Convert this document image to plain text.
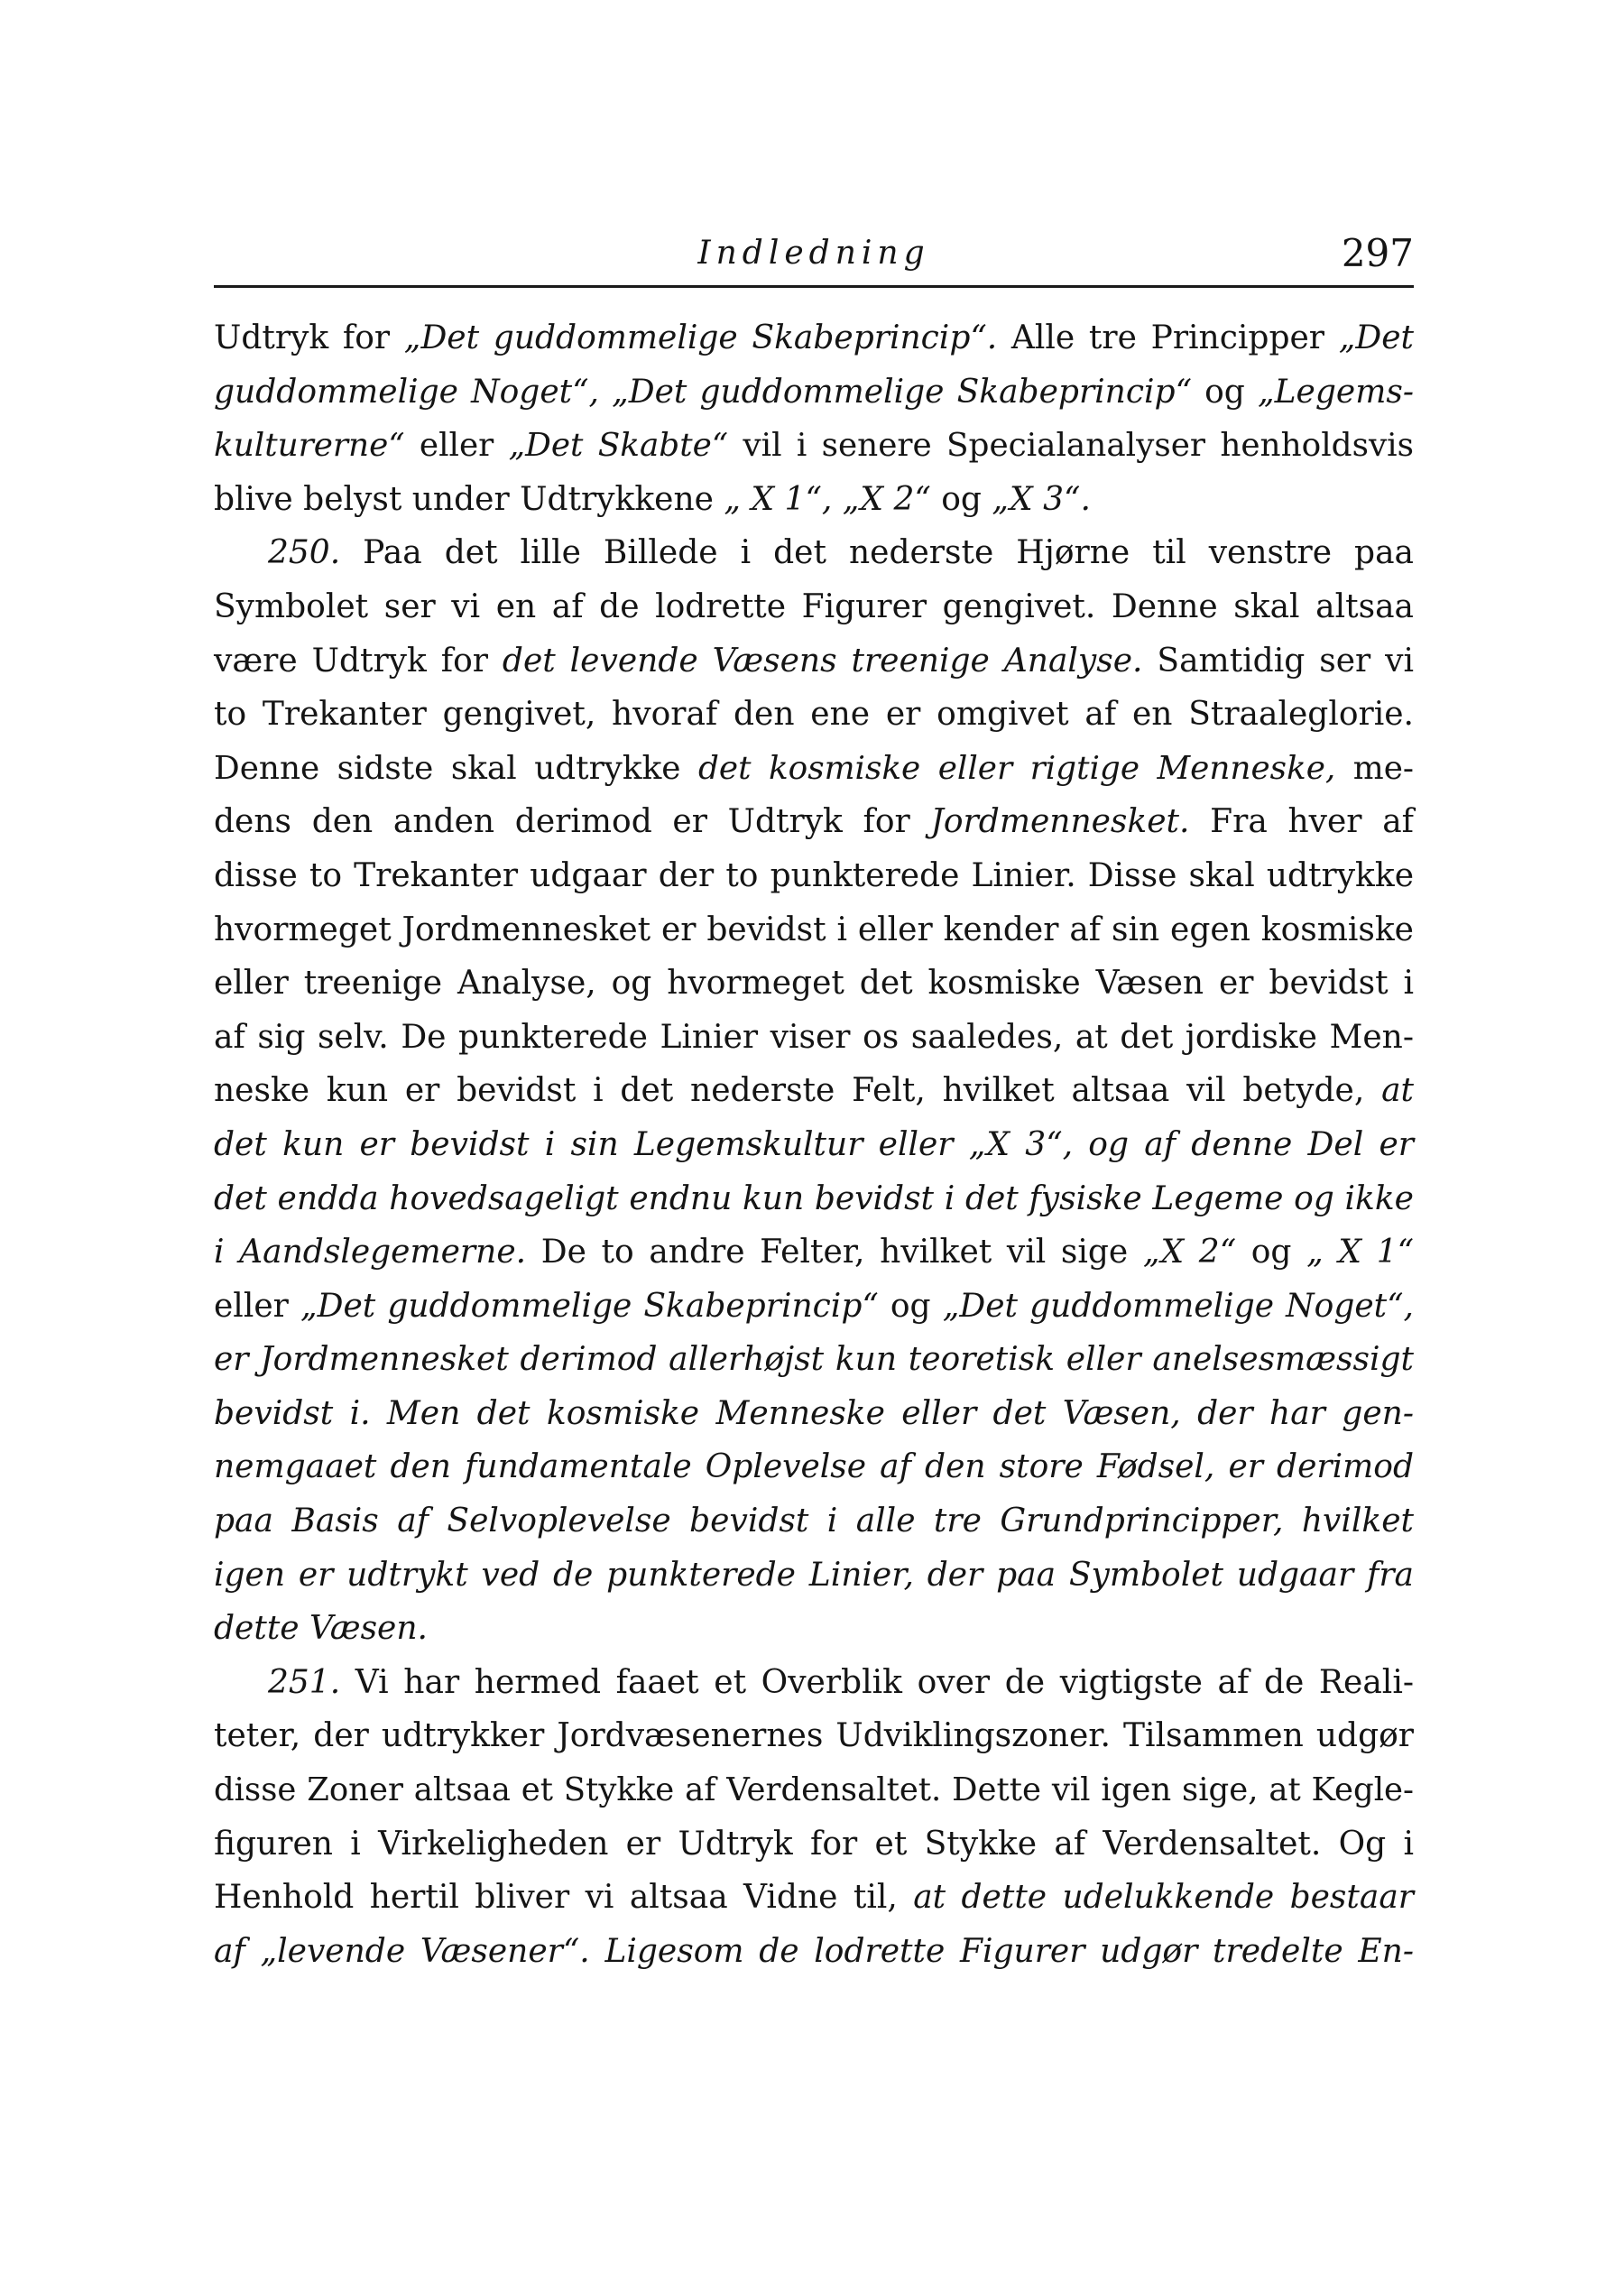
Indledning	297
Udtryk for „Det guddommelige Skabeprincip“. Alle tre Principper „Det
guddommelige Noget“, „Det guddommelige Skabeprincip“ og „Legems-
kulturerne“ eller „Det Skabte“ vil i senere Specialanalyser henholdsvis
blive belyst under Udtrykkene „ X 1“, „X 2“ og „X 3“.
250. Paa det lille Billede i det nederste Hjørne til venstre paa
Symbolet ser vi en af de lodrette Figurer gengivet. Denne skal altsaa
være Udtryk for det levende Væsens treenige Analyse. Samtidig ser vi
to Trekanter gengivet, hvoraf den ene er omgivet af en Straaleglorie.
Denne sidste skal udtrykke det kosmiske eller rigtige Menneske, me-
dens den anden derimod er Udtryk for Jordmennesket. Fra hver af
disse to Trekanter udgaar der to punkterede Linier. Disse skal udtrykke
hvormeget Jordmennesket er bevidst i eller kender af sin egen kosmiske
eller treenige Analyse, og hvormeget det kosmiske Væsen er bevidst i
af sig selv. De punkterede Linier viser os saaledes, at det jordiske Men-
neske kun er bevidst i det nederste Felt, hvilket altsaa vil betyde, at
det kun er bevidst i sin Legemskultur eller „X 3“, og af denne Del er
det endda hovedsageligt endnu kun bevidst i det fysiske Legeme og ikke
i Aandslegemerne. De to andre Felter, hvilket vil sige „X 2“ og „ X 1“
eller „Det guddommelige Skabeprincip“ og „Det guddommelige Noget“,
er Jordmennesket derimod allerhøjst kun teoretisk eller anelsesmæssigt
bevidst i. Men det kosmiske Menneske eller det Væsen, der har gen-
nemgaaet den fundamentale Oplevelse af den store Fødsel, er derimod
paa Basis af Selvoplevelse bevidst i alle tre Grundprincipper, hvilket
igen er udtrykt ved de punkterede Linier, der paa Symbolet udgaar fra
dette Væsen.
251. Vi har hermed faaet et Overblik over de vigtigste af de Reali-
teter, der udtrykker Jordvæsenernes Udviklingszoner. Tilsammen udgør
disse Zoner altsaa et Stykke af Verdensaltet. Dette vil igen sige, at Kegle-
figuren i Virkeligheden er Udtryk for et Stykke af Verdensaltet. Og i
Henhold hertil bliver vi altsaa Vidne til, at dette udelukkende bestaar
af „levende Væsener“. Ligesom de lodrette Figurer udgør tredelte En-
